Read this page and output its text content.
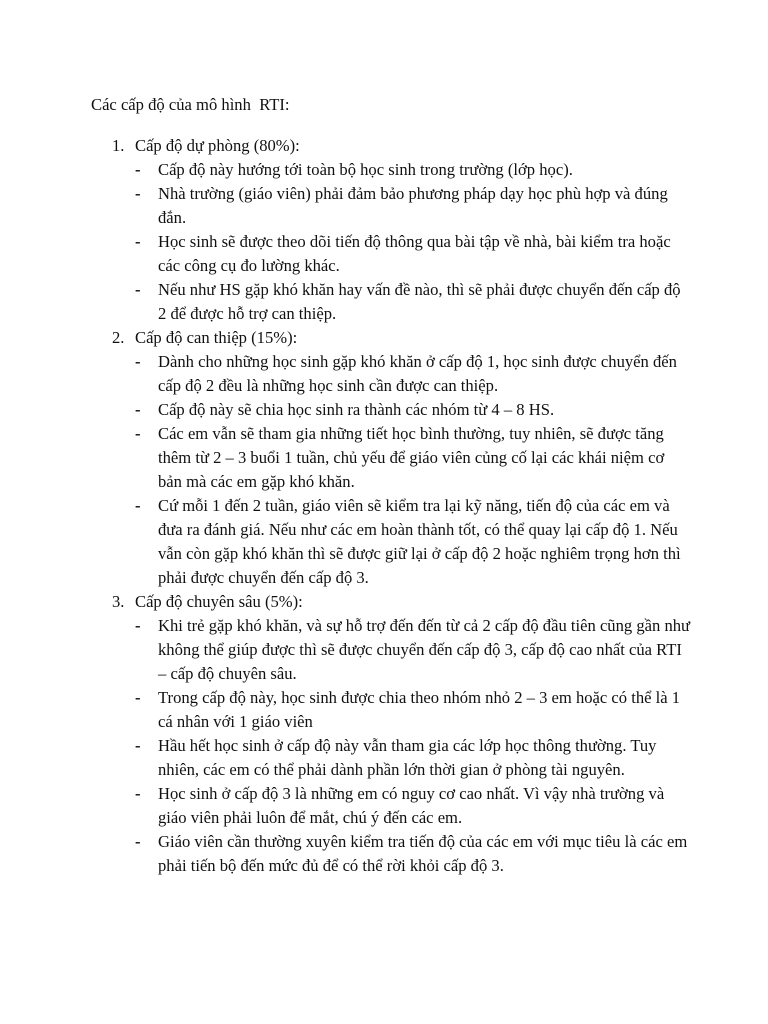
Các cấp độ của mô hình  RTI:
1. Cấp độ dự phòng (80%):
- Cấp độ này hướng tới toàn bộ học sinh trong trường (lớp học).
- Nhà trường (giáo viên) phải đảm bảo phương pháp dạy học phù hợp và đúng đắn.
- Học sinh sẽ được theo dõi tiến độ thông qua bài tập về nhà, bài kiểm tra hoặc các công cụ đo lường khác.
- Nếu như HS gặp khó khăn hay vấn đề nào, thì sẽ phải được chuyển đến cấp độ 2 để được hỗ trợ can thiệp.
2. Cấp độ can thiệp (15%):
- Dành cho những học sinh gặp khó khăn ở cấp độ 1, học sinh được chuyển đến cấp độ 2 đều là những học sinh cần được can thiệp.
- Cấp độ này sẽ chia học sinh ra thành các nhóm từ 4 – 8 HS.
- Các em vẫn sẽ tham gia những tiết học bình thường, tuy nhiên, sẽ được tăng thêm từ 2 – 3 buổi 1 tuần, chủ yếu để giáo viên củng cố lại các khái niệm cơ bản mà các em gặp khó khăn.
- Cứ mỗi 1 đến 2 tuần, giáo viên sẽ kiểm tra lại kỹ năng, tiến độ của các em và đưa ra đánh giá. Nếu như các em hoàn thành tốt, có thể quay lại cấp độ 1. Nếu vẫn còn gặp khó khăn thì sẽ được giữ lại ở cấp độ 2 hoặc nghiêm trọng hơn thì phải được chuyển đến cấp độ 3.
3. Cấp độ chuyên sâu (5%):
- Khi trẻ gặp khó khăn, và sự hỗ trợ đến đến từ cả 2 cấp độ đầu tiên cũng gần như không thể giúp được thì sẽ được chuyển đến cấp độ 3, cấp độ cao nhất của RTI – cấp độ chuyên sâu.
- Trong cấp độ này, học sinh được chia theo nhóm nhỏ 2 – 3 em hoặc có thể là 1 cá nhân với 1 giáo viên
- Hầu hết học sinh ở cấp độ này vẫn tham gia các lớp học thông thường. Tuy nhiên, các em có thể phải dành phần lớn thời gian ở phòng tài nguyên.
- Học sinh ở cấp độ 3 là những em có nguy cơ cao nhất. Vì vậy nhà trường và giáo viên phải luôn để mắt, chú ý đến các em.
- Giáo viên cần thường xuyên kiểm tra tiến độ của các em với mục tiêu là các em phải tiến bộ đến mức đủ để có thể rời khỏi cấp độ 3.
